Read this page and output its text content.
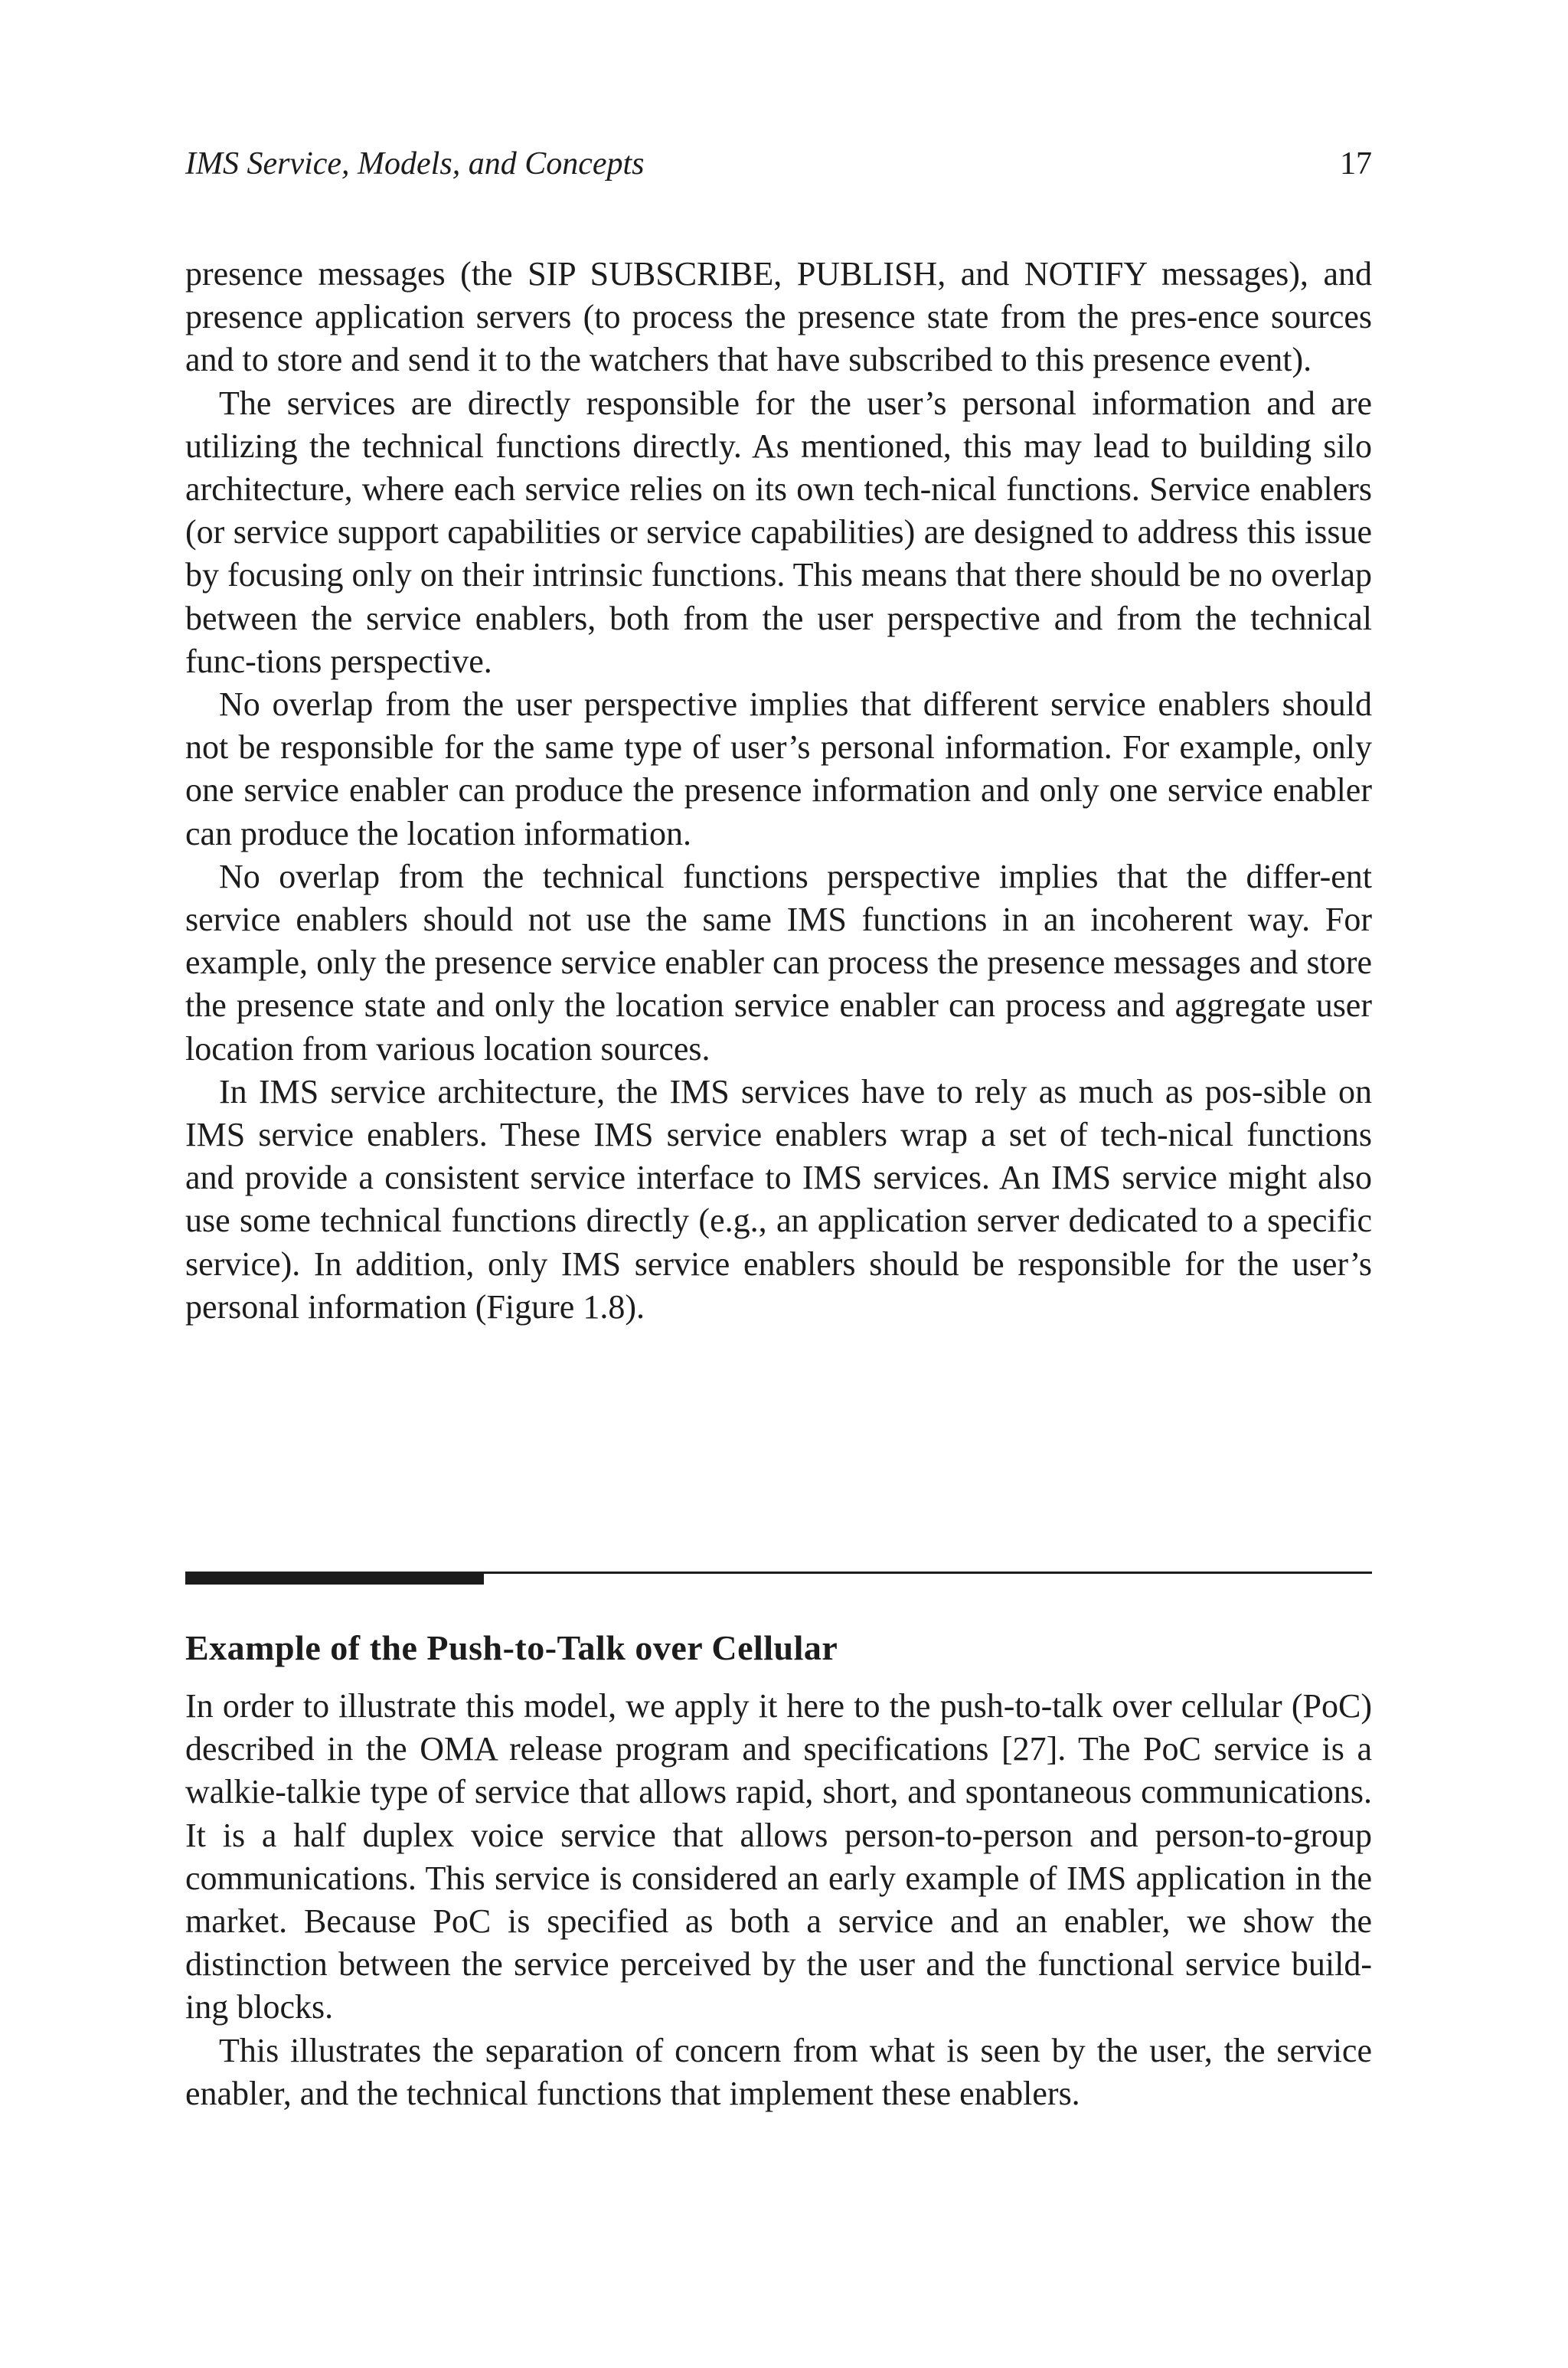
IMS Service, Models, and Concepts	17

presence messages (the SIP SUBSCRIBE, PUBLISH, and NOTIFY messages), and presence application servers (to process the presence state from the pres-ence sources and to store and send it to the watchers that have subscribed to this presence event).

The services are directly responsible for the user’s personal information and are utilizing the technical functions directly. As mentioned, this may lead to building silo architecture, where each service relies on its own tech-nical functions. Service enablers (or service support capabilities or service capabilities) are designed to address this issue by focusing only on their intrinsic functions. This means that there should be no overlap between the service enablers, both from the user perspective and from the technical func-tions perspective.

No overlap from the user perspective implies that different service enablers should not be responsible for the same type of user’s personal information. For example, only one service enabler can produce the presence information and only one service enabler can produce the location information.

No overlap from the technical functions perspective implies that the differ-ent service enablers should not use the same IMS functions in an incoherent way. For example, only the presence service enabler can process the presence messages and store the presence state and only the location service enabler can process and aggregate user location from various location sources.

In IMS service architecture, the IMS services have to rely as much as pos-sible on IMS service enablers. These IMS service enablers wrap a set of tech-nical functions and provide a consistent service interface to IMS services. An IMS service might also use some technical functions directly (e.g., an application server dedicated to a specific service). In addition, only IMS service enablers should be responsible for the user’s personal information (Figure 1.8).

Example of the Push-to-Talk over Cellular

In order to illustrate this model, we apply it here to the push-to-talk over cellular (PoC) described in the OMA release program and specifications [27]. The PoC service is a walkie-talkie type of service that allows rapid, short, and spontaneous communications. It is a half duplex voice service that allows person-to-person and person-to-group communications. This service is considered an early example of IMS application in the market. Because PoC is specified as both a service and an enabler, we show the distinction between the service perceived by the user and the functional service build-ing blocks.

This illustrates the separation of concern from what is seen by the user, the service enabler, and the technical functions that implement these enablers.
